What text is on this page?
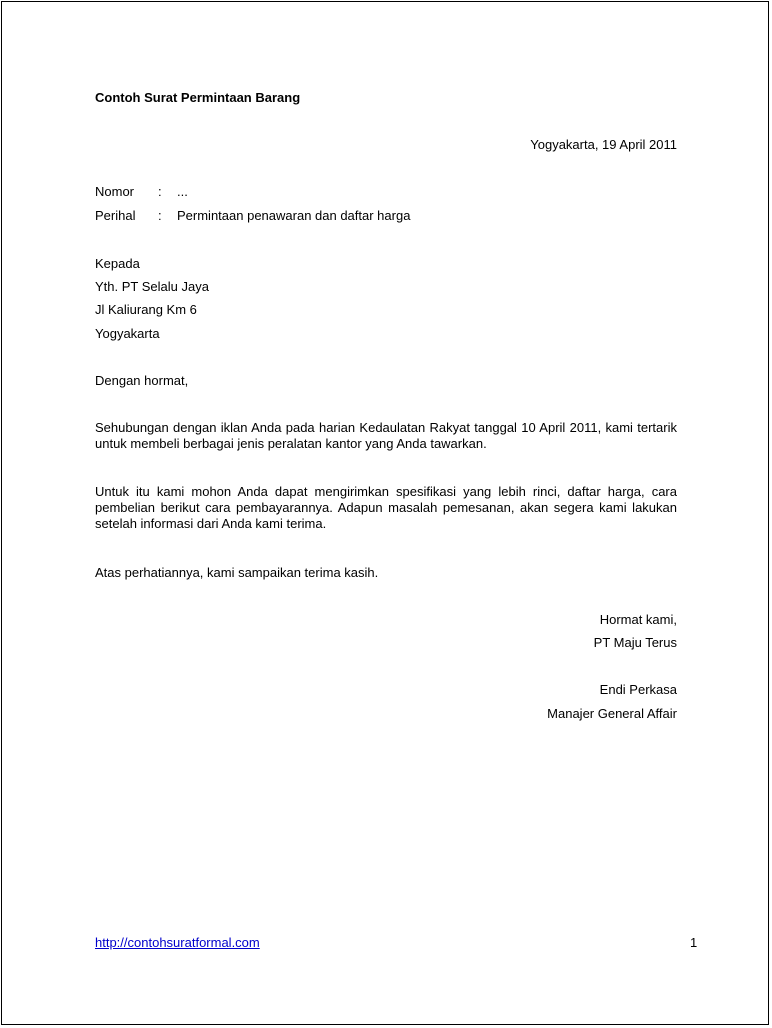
Contoh Surat Permintaan Barang
Yogyakarta, 19 April 2011
Nomor : ...
Perihal : Permintaan penawaran dan daftar harga
Kepada
Yth. PT Selalu Jaya
Jl Kaliurang Km 6
Yogyakarta
Dengan hormat,
Sehubungan dengan iklan Anda pada harian Kedaulatan Rakyat tanggal 10 April 2011, kami tertarik untuk membeli berbagai jenis peralatan kantor yang Anda tawarkan.
Untuk itu kami mohon Anda dapat mengirimkan spesifikasi yang lebih rinci, daftar harga, cara pembelian berikut cara pembayarannya. Adapun masalah pemesanan, akan segera kami lakukan setelah informasi dari Anda kami terima.
Atas perhatiannya, kami sampaikan terima kasih.
Hormat kami,
PT Maju Terus
Endi Perkasa
Manajer General Affair
http://contohsuratformal.com	1
